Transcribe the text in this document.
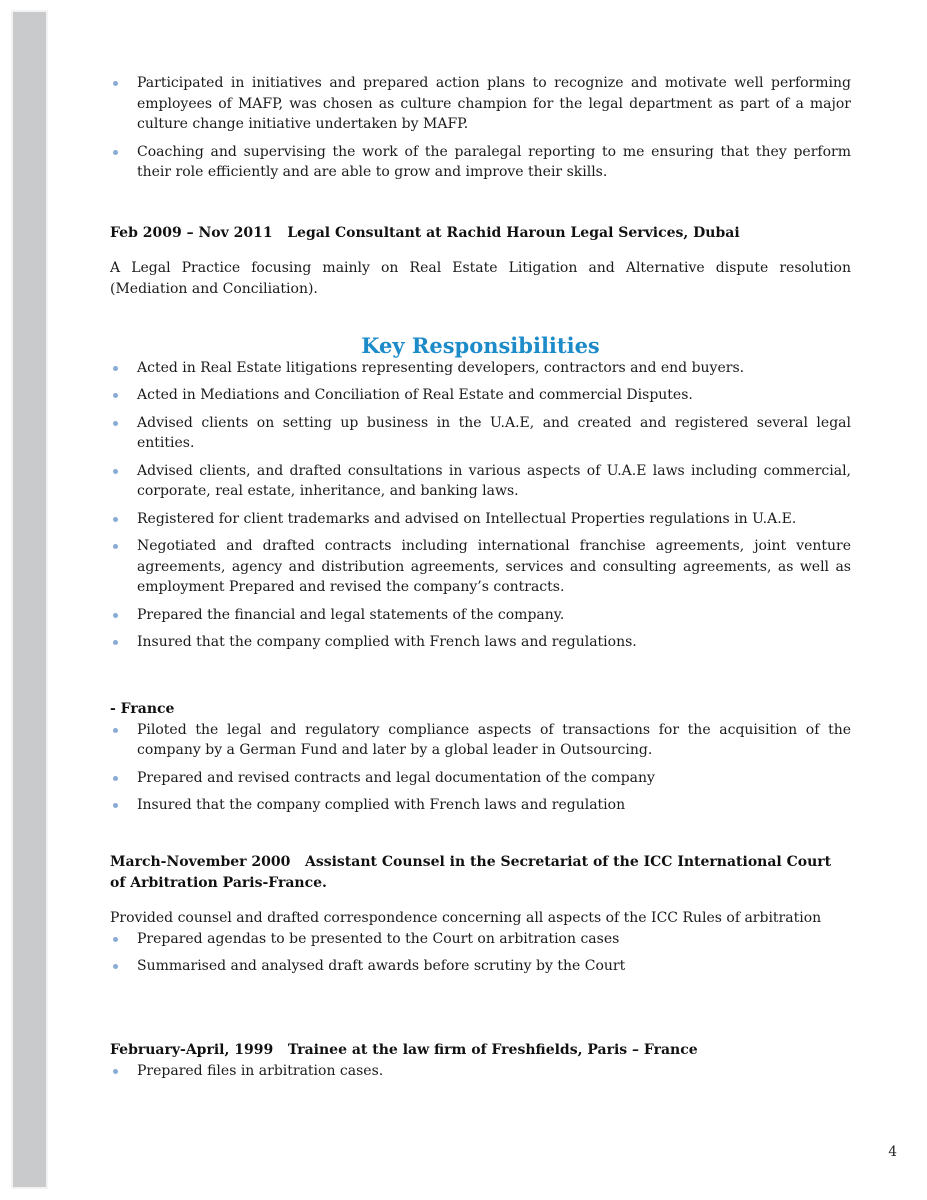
Participated in initiatives and prepared action plans to recognize and motivate well performing employees of MAFP, was chosen as culture champion for the legal department as part of a major culture change initiative undertaken by MAFP.
Coaching and supervising the work of the paralegal reporting to me ensuring that they perform their role efficiently and are able to grow and improve their skills.

Feb 2009 – Nov 2011   Legal Consultant at Rachid Haroun Legal Services, Dubai

A Legal Practice focusing mainly on Real Estate Litigation and Alternative dispute resolution (Mediation and Conciliation).

Key Responsibilities
Acted in Real Estate litigations representing developers, contractors and end buyers.
Acted in Mediations and Conciliation of Real Estate and commercial Disputes.
Advised clients on setting up business in the U.A.E, and created and registered several legal entities.
Advised clients, and drafted consultations in various aspects of U.A.E laws including commercial, corporate, real estate, inheritance, and banking laws.
Registered for client trademarks and advised on Intellectual Properties regulations in U.A.E.
Negotiated and drafted contracts including international franchise agreements, joint venture agreements, agency and distribution agreements, services and consulting agreements, as well as employment Prepared and revised the company’s contracts.
Prepared the financial and legal statements of the company.
Insured that the company complied with French laws and regulations.

- France

Piloted the legal and regulatory compliance aspects of transactions for the acquisition of the company by a German Fund and later by a global leader in Outsourcing.
Prepared and revised contracts and legal documentation of the company
Insured that the company complied with French laws and regulation

March-November 2000   Assistant Counsel in the Secretariat of the ICC International Court of Arbitration Paris-France.

Provided counsel and drafted correspondence concerning all aspects of the ICC Rules of arbitration

Prepared agendas to be presented to the Court on arbitration cases
Summarised and analysed draft awards before scrutiny by the Court

February-April, 1999   Trainee at the law firm of Freshfields, Paris – France

Prepared files in arbitration cases.
4
